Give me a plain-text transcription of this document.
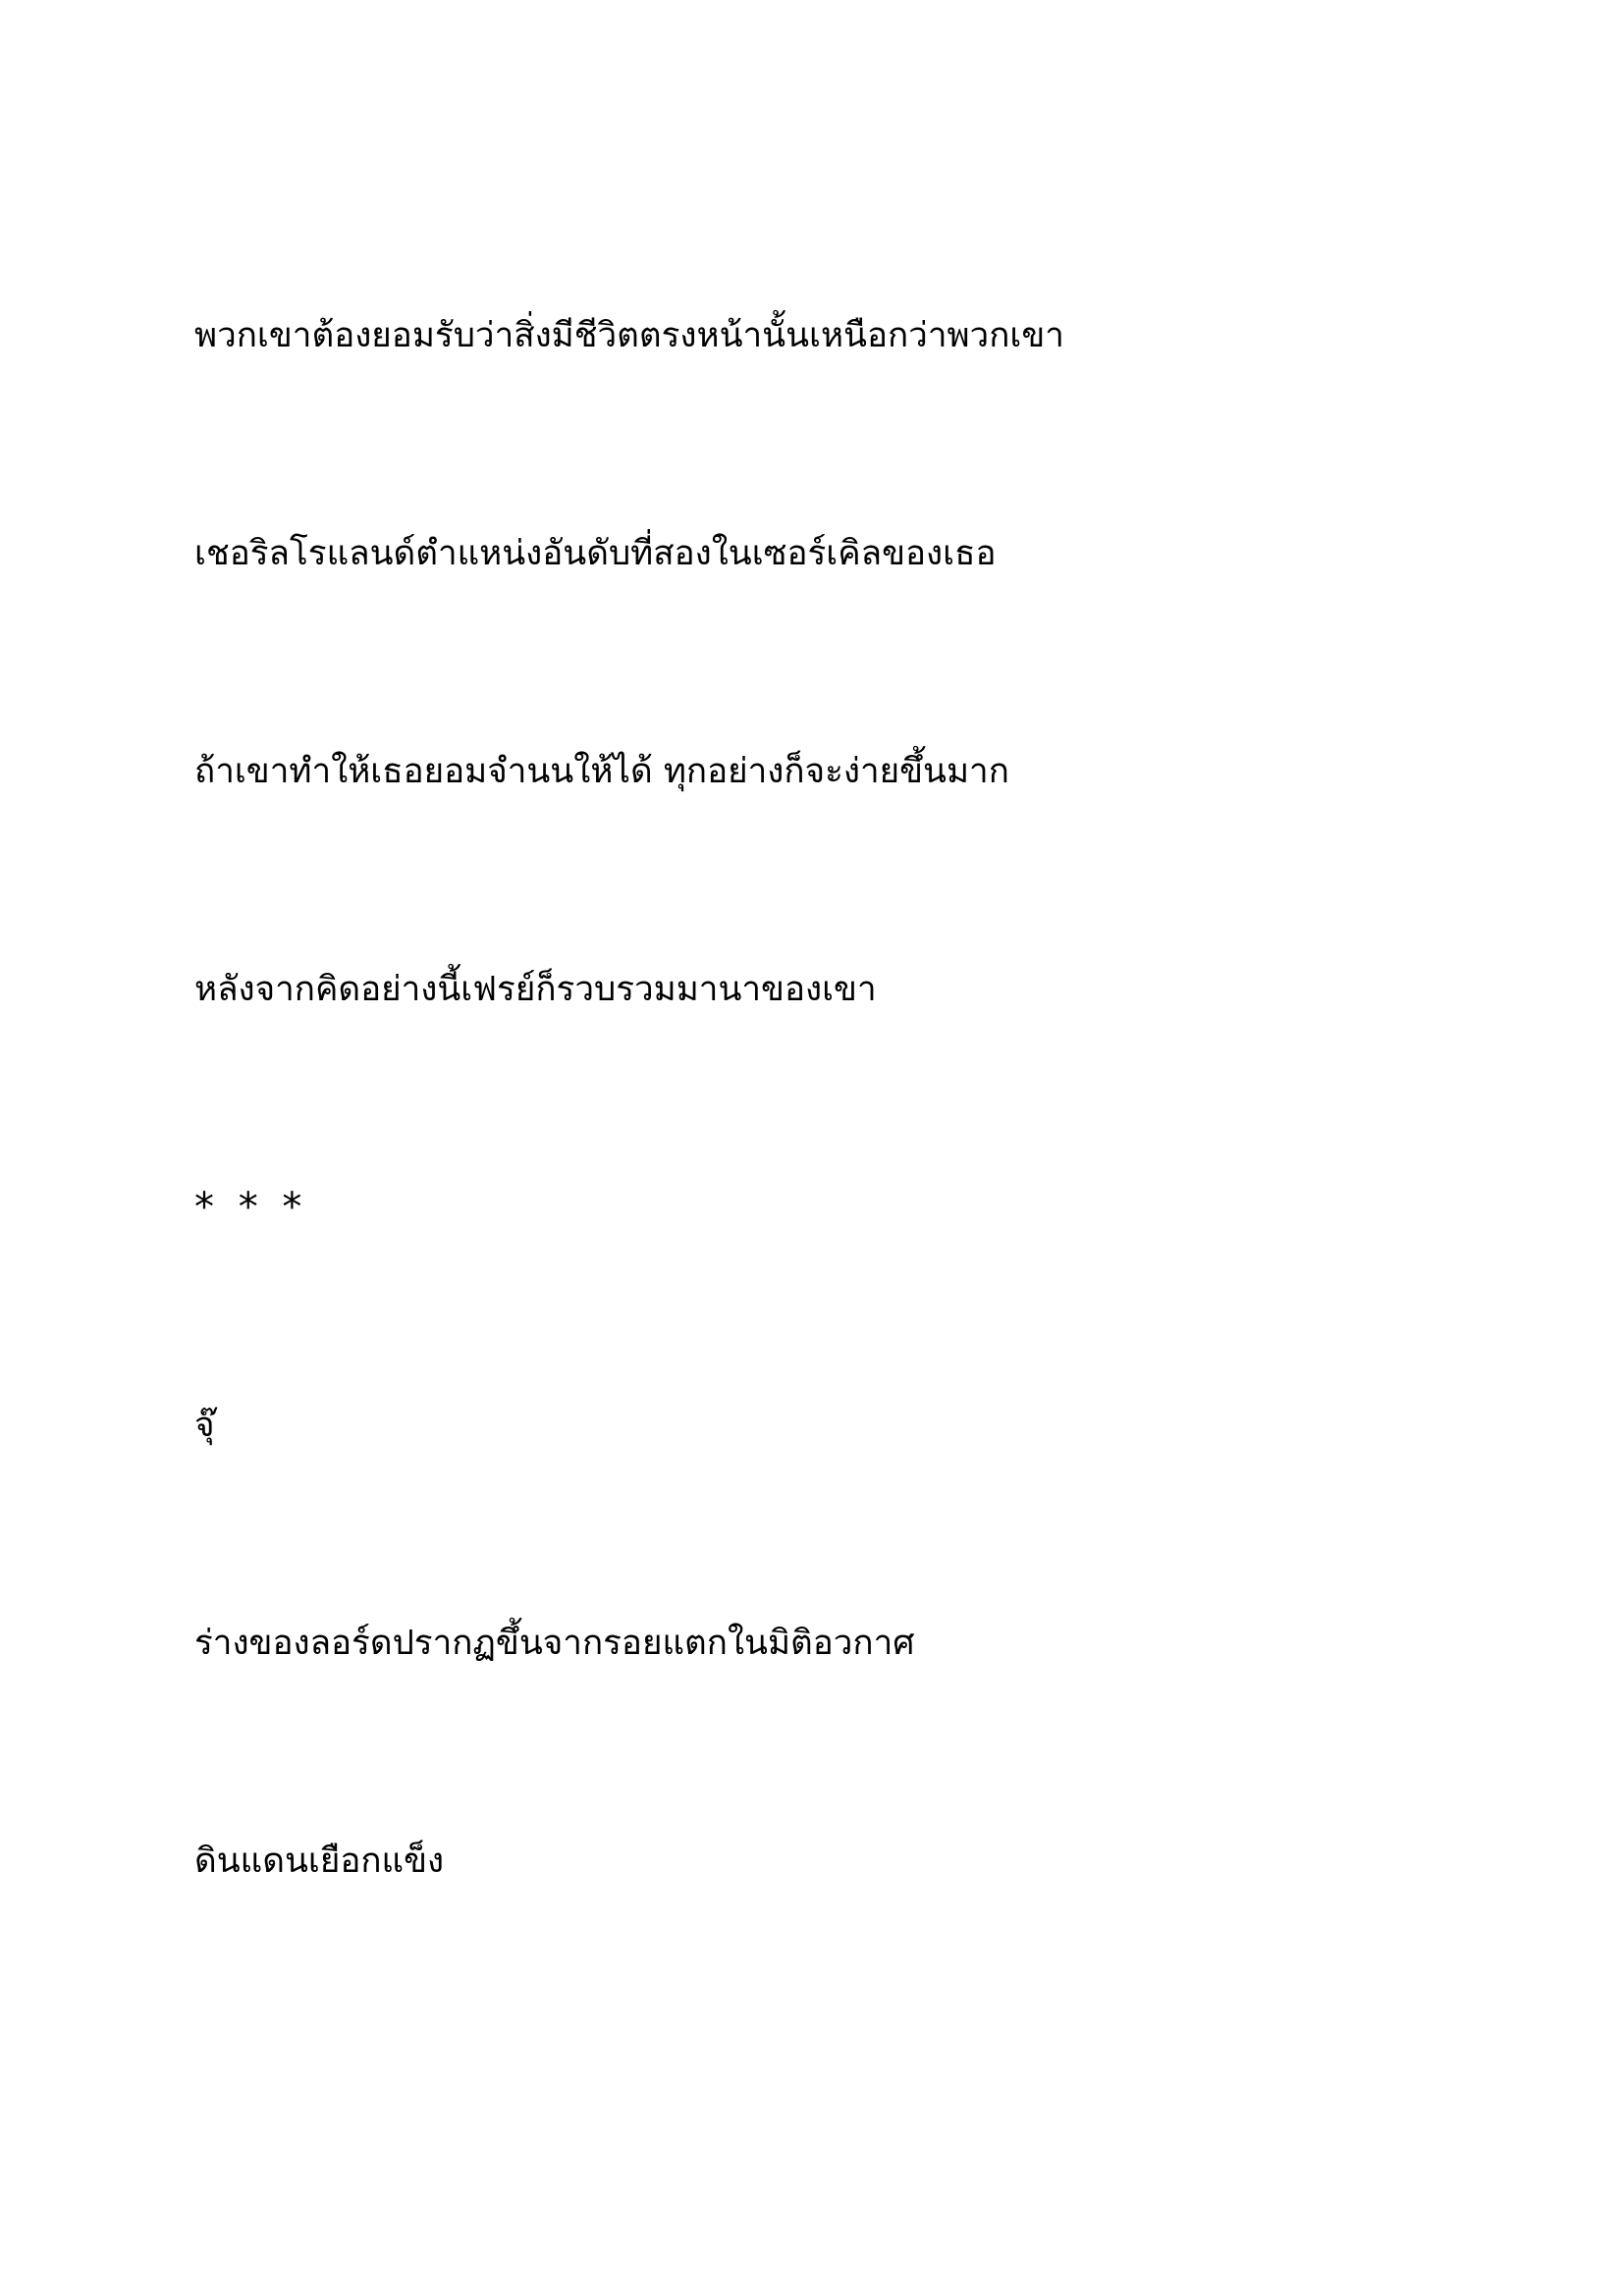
พวกเขาต้องยอมรับว่าสิ่งมีชีวิตตรงหน้านั้นเหนือกว่าพวกเขา

เชอริลโรแลนด์ตำแหน่งอันดับที่สองในเซอร์เคิลของเธอ

ถ้าเขาทำให้เธอยอมจำนนให้ได้ ทุกอย่างก็จะง่ายขึ้นมาก

หลังจากคิดอย่างนี้เฟรย์ก็รวบรวมมานาของเขา

* * *

จุ๊

ร่างของลอร์ดปรากฏขึ้นจากรอยแตกในมิติอวกาศ

ดินแดนเยือกแข็ง
